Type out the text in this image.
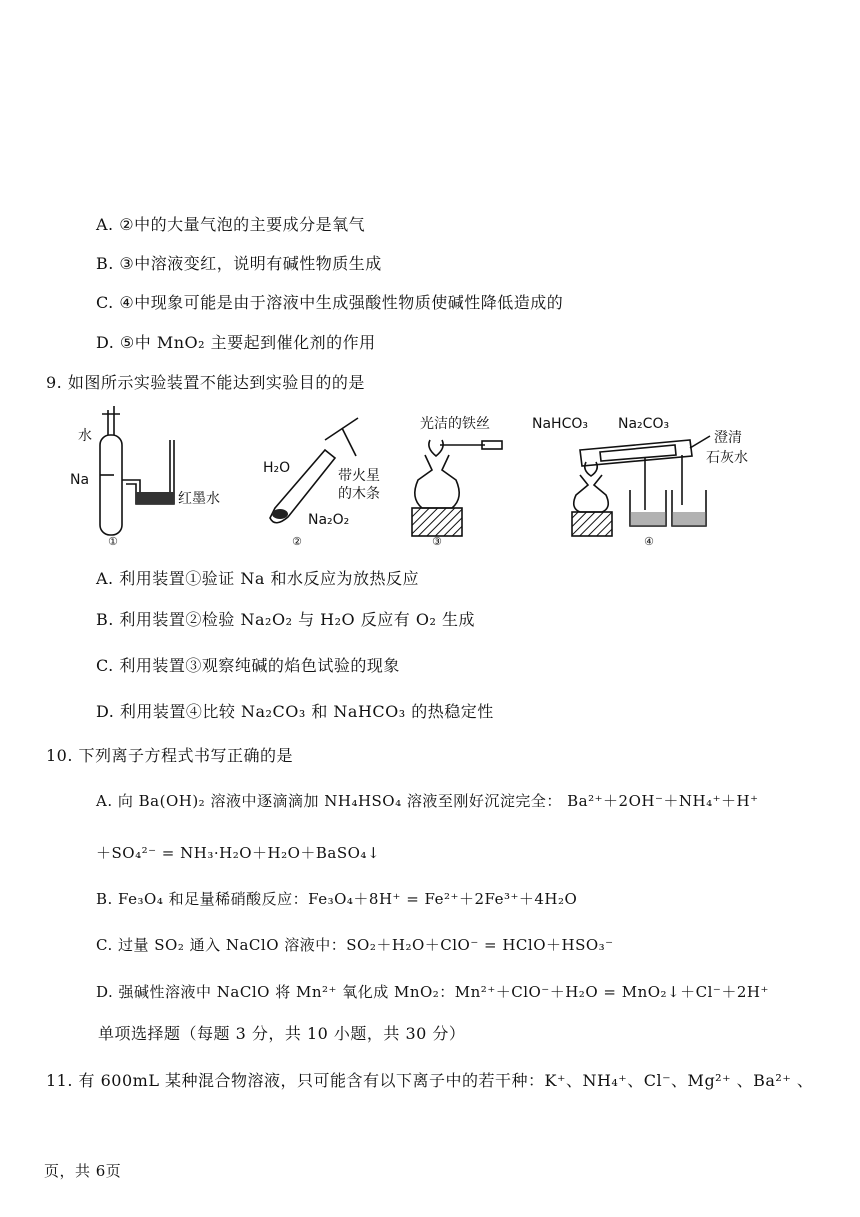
A. ②中的大量气泡的主要成分是氧气
B. ③中溶液变红，说明有碱性物质生成
C. ④中现象可能是由于溶液中生成强酸性物质使碱性降低造成的
D. ⑤中 MnO₂ 主要起到催化剂的作用
9. 如图所示实验装置不能达到实验目的的是
水
Na
红墨水
①
H₂O	带火星
的木条
Na₂O₂
②
光洁的铁丝
③
NaHCO₃ Na₂CO₃
澄清
石灰水
④
A. 利用装置①验证 Na 和水反应为放热反应
B. 利用装置②检验 Na₂O₂ 与 H₂O 反应有 O₂ 生成
C. 利用装置③观察纯碱的焰色试验的现象
D. 利用装置④比较 Na₂CO₃ 和 NaHCO₃ 的热稳定性
10. 下列离子方程式书写正确的是
A. 向 Ba(OH)₂ 溶液中逐滴滴加 NH₄HSO₄ 溶液至刚好沉淀完全： Ba²⁺＋2OH⁻＋NH₄⁺＋H⁺
＋SO₄²⁻ = NH₃·H₂O＋H₂O＋BaSO₄↓
B. Fe₃O₄ 和足量稀硝酸反应：Fe₃O₄＋8H⁺ = Fe²⁺＋2Fe³⁺＋4H₂O
C. 过量 SO₂ 通入 NaClO 溶液中：SO₂＋H₂O＋ClO⁻ = HClO＋HSO₃⁻
D. 强碱性溶液中 NaClO 将 Mn²⁺ 氧化成 MnO₂：Mn²⁺＋ClO⁻＋H₂O = MnO₂↓＋Cl⁻＋2H⁺
单项选择题（每题 3 分，共 10 小题，共 30 分）
11. 有 600mL 某种混合物溶液，只可能含有以下离子中的若干种：K⁺、NH₄⁺、Cl⁻、Mg²⁺ 、Ba²⁺ 、
页，共 6页
